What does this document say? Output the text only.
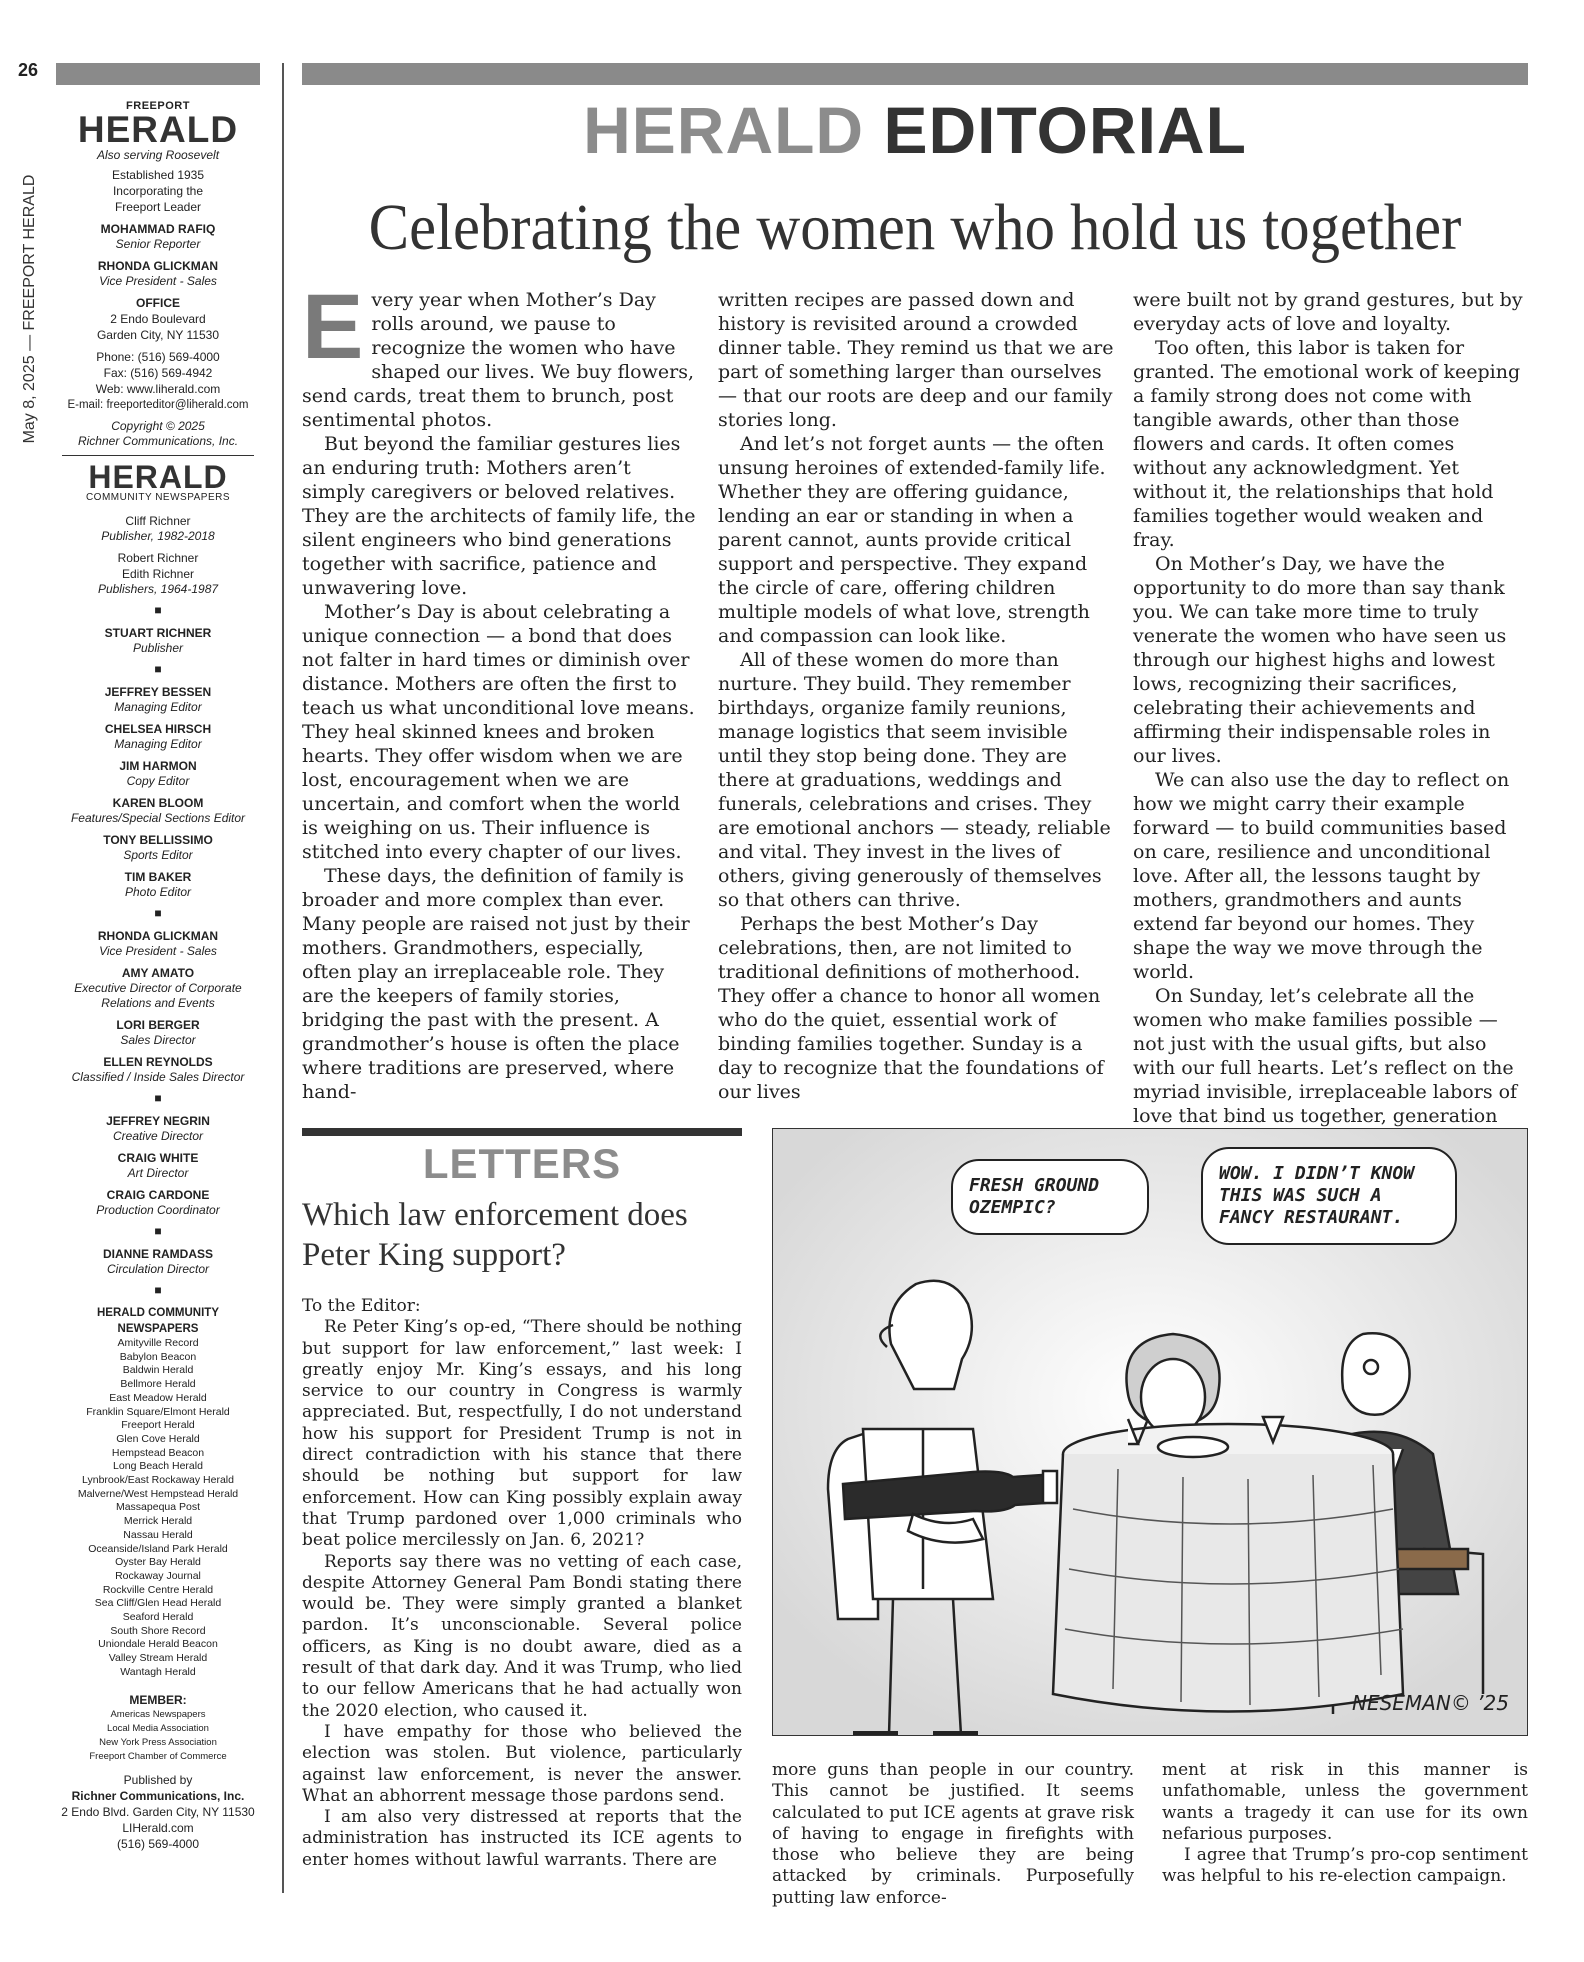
26
May 8, 2025 — FREEPORT HERALD
FREEPORT
HERALD
Also serving Roosevelt
Established 1935
Incorporating the
Freeport Leader
MOHAMMAD RAFIQ
Senior Reporter
RHONDA GLICKMAN
Vice President - Sales
OFFICE
2 Endo Boulevard
Garden City, NY 11530
Phone: (516) 569-4000
Fax: (516) 569-4942
Web: www.liherald.com
E-mail: freeporteditor@liherald.com
Copyright © 2025
Richner Communications, Inc.
HERALD
COMMUNITY NEWSPAPERS
Cliff Richner
Publisher, 1982-2018
Robert Richner
Edith Richner
Publishers, 1964-1987
■
STUART RICHNER
Publisher
■
JEFFREY BESSEN
Managing Editor
CHELSEA HIRSCH
Managing Editor
JIM HARMON
Copy Editor
KAREN BLOOM
Features/Special Sections Editor
TONY BELLISSIMO
Sports Editor
TIM BAKER
Photo Editor
■
RHONDA GLICKMAN
Vice President - Sales
AMY AMATO
Executive Director of Corporate Relations and Events
LORI BERGER
Sales Director
ELLEN REYNOLDS
Classified / Inside Sales Director
■
JEFFREY NEGRIN
Creative Director
CRAIG WHITE
Art Director
CRAIG CARDONE
Production Coordinator
■
DIANNE RAMDASS
Circulation Director
■
HERALD COMMUNITY NEWSPAPERS
Amityville Record
Babylon Beacon
Baldwin Herald
Bellmore Herald
East Meadow Herald
Franklin Square/Elmont Herald
Freeport Herald
Glen Cove Herald
Hempstead Beacon
Long Beach Herald
Lynbrook/East Rockaway Herald
Malverne/West Hempstead Herald
Massapequa Post
Merrick Herald
Nassau Herald
Oceanside/Island Park Herald
Oyster Bay Herald
Rockaway Journal
Rockville Centre Herald
Sea Cliff/Glen Head Herald
Seaford Herald
South Shore Record
Uniondale Herald Beacon
Valley Stream Herald
Wantagh Herald
MEMBER:
Americas Newspapers
Local Media Association
New York Press Association
Freeport Chamber of Commerce
Published by
Richner Communications, Inc.
2 Endo Blvd. Garden City, NY 11530
LIHerald.com
(516) 569-4000
HERALD EDITORIAL
Celebrating the women who hold us together
E very year when Mother’s Day rolls around, we pause to recognize the women who have shaped our lives. We buy flowers, send cards, treat them to brunch, post sentimental photos.

But beyond the familiar gestures lies an enduring truth: Mothers aren’t simply caregivers or beloved relatives. They are the architects of family life, the silent engineers who bind generations together with sacrifice, patience and unwavering love.

Mother’s Day is about celebrating a unique connection — a bond that does not falter in hard times or diminish over distance. Mothers are often the first to teach us what unconditional love means. They heal skinned knees and broken hearts. They offer wisdom when we are lost, encouragement when we are uncertain, and comfort when the world is weighing on us. Their influence is stitched into every chapter of our lives.

These days, the definition of family is broader and more complex than ever. Many people are raised not just by their mothers. Grandmothers, especially, often play an irreplaceable role. They are the keepers of family stories, bridging the past with the present. A grandmother’s house is often the place where traditions are preserved, where hand-

written recipes are passed down and history is revisited around a crowded dinner table. They remind us that we are part of something larger than ourselves — that our roots are deep and our family stories long.

And let’s not forget aunts — the often unsung heroines of extended-family life. Whether they are offering guidance, lending an ear or standing in when a parent cannot, aunts provide critical support and perspective. They expand the circle of care, offering children multiple models of what love, strength and compassion can look like.

All of these women do more than nurture. They build. They remember birthdays, organize family reunions, manage logistics that seem invisible until they stop being done. They are there at graduations, weddings and funerals, celebrations and crises. They are emotional anchors — steady, reliable and vital. They invest in the lives of others, giving generously of themselves so that others can thrive.

Perhaps the best Mother’s Day celebrations, then, are not limited to traditional definitions of motherhood. They offer a chance to honor all women who do the quiet, essential work of binding families together. Sunday is a day to recognize that the foundations of our lives

were built not by grand gestures, but by everyday acts of love and loyalty.

Too often, this labor is taken for granted. The emotional work of keeping a family strong does not come with tangible awards, other than those flowers and cards. It often comes without any acknowledgment. Yet without it, the relationships that hold families together would weaken and fray.

On Mother’s Day, we have the opportunity to do more than say thank you. We can take more time to truly venerate the women who have seen us through our highest highs and lowest lows, recognizing their sacrifices, celebrating their achievements and affirming their indispensable roles in our lives.

We can also use the day to reflect on how we might carry their example forward — to build communities based on care, resilience and unconditional love. After all, the lessons taught by mothers, grandmothers and aunts extend far beyond our homes. They shape the way we move through the world.

On Sunday, let’s celebrate all the women who make families possible — not just with the usual gifts, but also with our full hearts. Let’s reflect on the myriad invisible, irreplaceable labors of love that bind us together, generation

LETTERS
Which law enforcement does Peter King support?

To the Editor:

Re Peter King’s op-ed, “There should be nothing but support for law enforcement,” last week: I greatly enjoy Mr. King’s essays, and his long service to our country in Congress is warmly appreciated. But, respectfully, I do not understand how his support for President Trump is not in direct contradiction with his stance that there should be nothing but support for law enforcement. How can King possibly explain away that Trump pardoned over 1,000 criminals who beat police mercilessly on Jan. 6, 2021?

Reports say there was no vetting of each case, despite Attorney General Pam Bondi stating there would be. They were simply granted a blanket pardon. It’s unconscionable. Several police officers, as King is no doubt aware, died as a result of that dark day. And it was Trump, who lied to our fellow Americans that he had actually won the 2020 election, who caused it.

I have empathy for those who believed the election was stolen. But violence, particularly against law enforcement, is never the answer. What an abhorrent message those pardons send.

I am also very distressed at reports that the administration has instructed its ICE agents to enter homes without lawful warrants. There are

more guns than people in our country. This cannot be justified. It seems calculated to put ICE agents at grave risk of having to engage in firefights with those who believe they are being attacked by criminals. Purposefully putting law enforce-

ment at risk in this manner is unfathomable, unless the government wants a tragedy it can use for its own nefarious purposes.

I agree that Trump’s pro-cop sentiment was helpful to his re-election campaign.

FRESH GROUND OZEMPIC?
WOW. I DIDN’T KNOW THIS WAS SUCH A FANCY RESTAURANT.
NESEMAN© ’25
